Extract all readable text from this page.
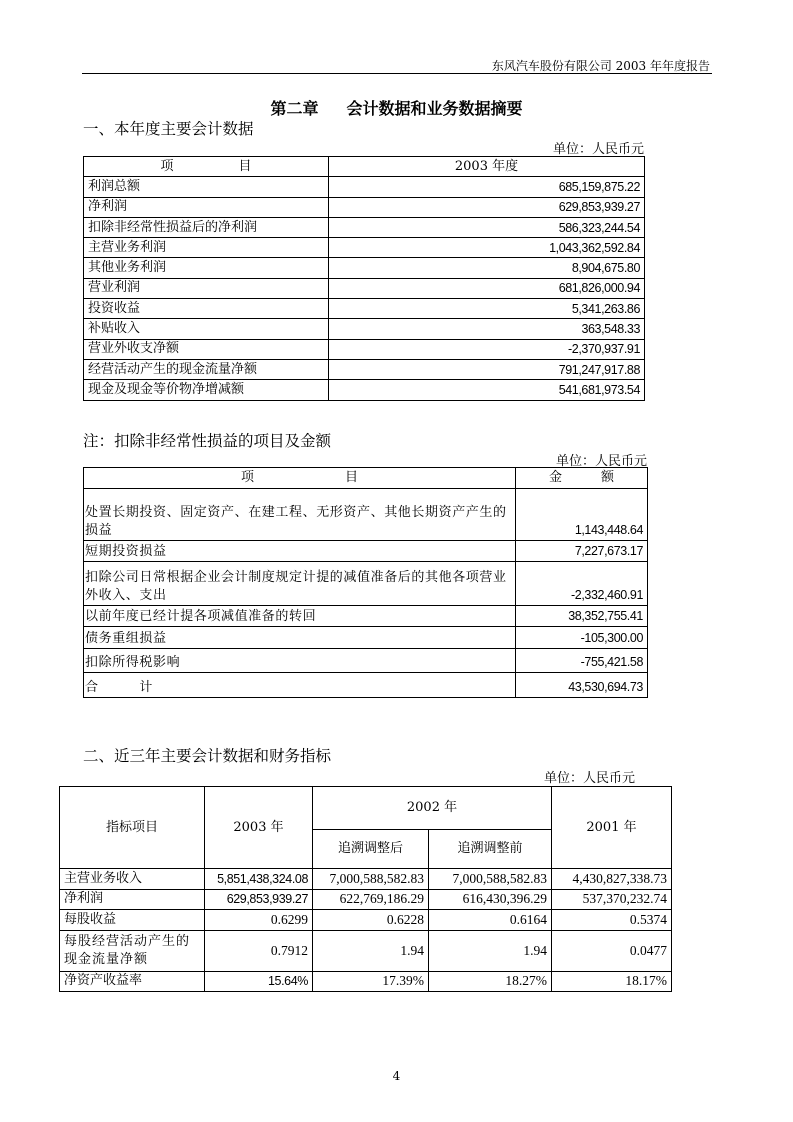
东风汽车股份有限公司 2003 年年度报告
第二章 会计数据和业务数据摘要
一、本年度主要会计数据
单位：人民币元
项　　　　　目	2003 年度
利润总额	685,159,875.22
净利润	629,853,939.27
扣除非经常性损益后的净利润	586,323,244.54
主营业务利润	1,043,362,592.84
其他业务利润	8,904,675.80
营业利润	681,826,000.94
投资收益	5,341,263.86
补贴收入	363,548.33
营业外收支净额	-2,370,937.91
经营活动产生的现金流量净额	791,247,917.88
现金及现金等价物净增减额	541,681,973.54
注：扣除非经常性损益的项目及金额
单位：人民币元
项　　　　　　　目	金　　　额
处置长期投资、固定资产、在建工程、无形资产、其他长期资产产生的损益	1,143,448.64
短期投资损益	7,227,673.17
扣除公司日常根据企业会计制度规定计提的减值准备后的其他各项营业外收入、支出	-2,332,460.91
以前年度已经计提各项减值准备的转回	38,352,755.41
债务重组损益	-105,300.00
扣除所得税影响	-755,421.58
合　　　计	43,530,694.73
二、近三年主要会计数据和财务指标
单位：人民币元
指标项目	2003 年	2002 年		2001 年
		追溯调整后	追溯调整前	
主营业务收入	5,851,438,324.08	7,000,588,582.83	7,000,588,582.83	4,430,827,338.73
净利润	629,853,939.27	622,769,186.29	616,430,396.29	537,370,232.74
每股收益	0.6299	0.6228	0.6164	0.5374
每股经营活动产生的现金流量净额	0.7912	1.94	1.94	0.0477
净资产收益率	15.64%	17.39%	18.27%	18.17%
4
